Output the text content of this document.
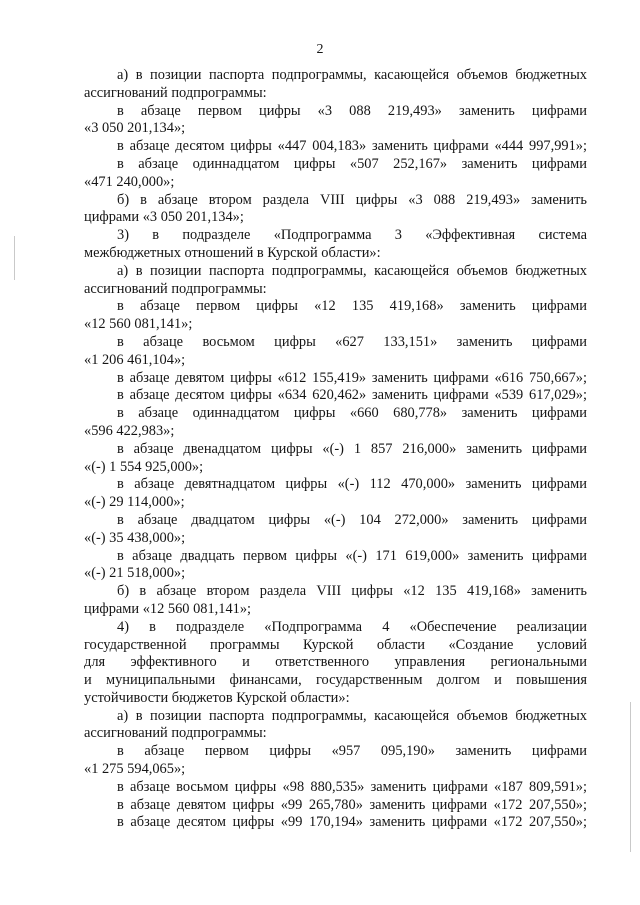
2
а) в позиции паспорта подпрограммы, касающейся объемов бюджетных
ассигнований подпрограммы:
в абзаце первом цифры «3 088 219,493» заменить цифрами
«3 050 201,134»;
в абзаце десятом цифры «447 004,183» заменить цифрами «444 997,991»;
в абзаце одиннадцатом цифры «507 252,167» заменить цифрами
«471 240,000»;
б) в абзаце втором раздела VIII цифры «3 088 219,493» заменить
цифрами «3 050 201,134»;
3) в подразделе «Подпрограмма 3 «Эффективная система
межбюджетных отношений в Курской области»:
а) в позиции паспорта подпрограммы, касающейся объемов бюджетных
ассигнований подпрограммы:
в абзаце первом цифры «12 135 419,168» заменить цифрами
«12 560 081,141»;
в абзаце восьмом цифры «627 133,151» заменить цифрами
«1 206 461,104»;
в абзаце девятом цифры «612 155,419» заменить цифрами «616 750,667»;
в абзаце десятом цифры «634 620,462» заменить цифрами «539 617,029»;
в абзаце одиннадцатом цифры «660 680,778» заменить цифрами
«596 422,983»;
в абзаце двенадцатом цифры «(-) 1 857 216,000» заменить цифрами
«(-) 1 554 925,000»;
в абзаце девятнадцатом цифры «(-) 112 470,000» заменить цифрами
«(-) 29 114,000»;
в абзаце двадцатом цифры «(-) 104 272,000» заменить цифрами
«(-) 35 438,000»;
в абзаце двадцать первом цифры «(-) 171 619,000» заменить цифрами
«(-) 21 518,000»;
б) в абзаце втором раздела VIII цифры «12 135 419,168» заменить
цифрами «12 560 081,141»;
4) в подразделе «Подпрограмма 4 «Обеспечение реализации
государственной программы Курской области «Создание условий
для эффективного и ответственного управления региональными
и муниципальными финансами, государственным долгом и повышения
устойчивости бюджетов Курской области»:
а) в позиции паспорта подпрограммы, касающейся объемов бюджетных
ассигнований подпрограммы:
в абзаце первом цифры «957 095,190» заменить цифрами
«1 275 594,065»;
в абзаце восьмом цифры «98 880,535» заменить цифрами «187 809,591»;
в абзаце девятом цифры «99 265,780» заменить цифрами «172 207,550»;
в абзаце десятом цифры «99 170,194» заменить цифрами «172 207,550»;
